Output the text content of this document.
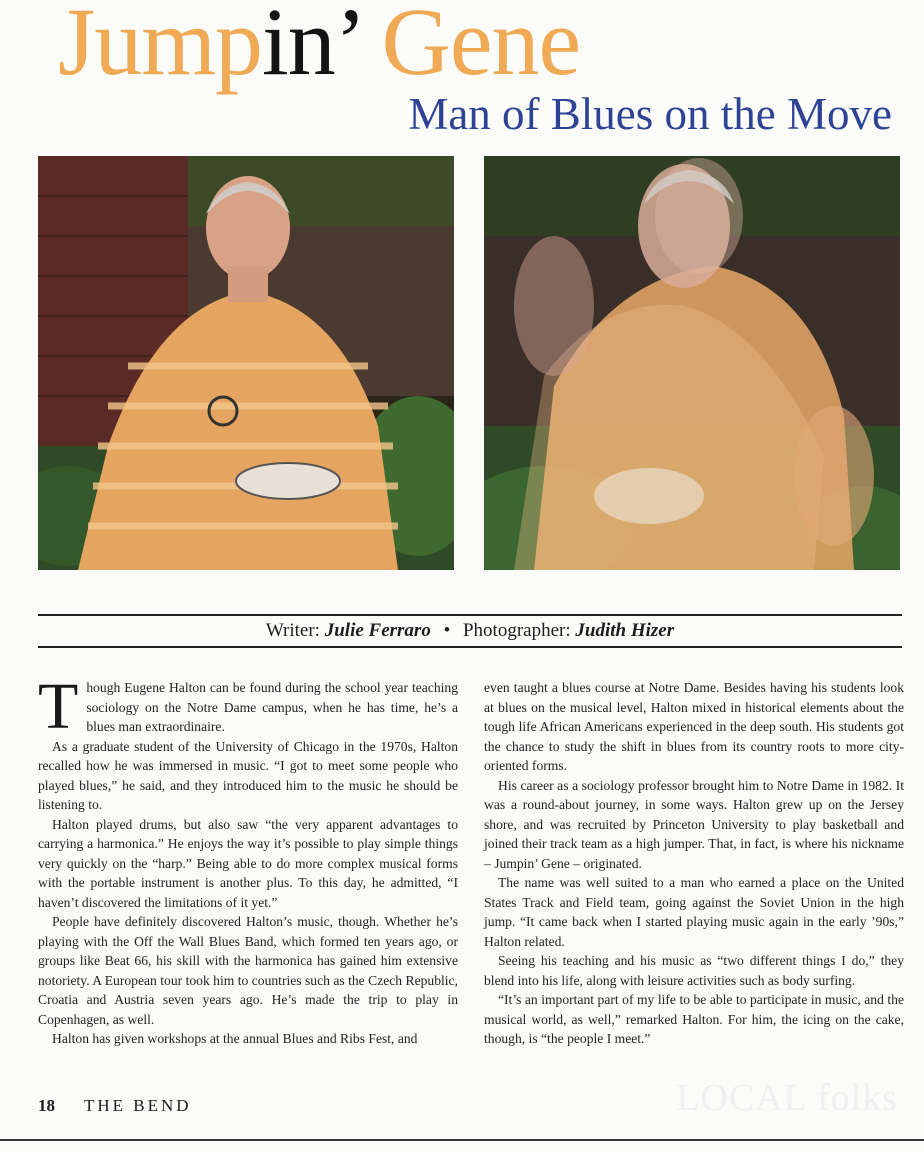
Jumpin’ Gene
Man of Blues on the Move
Writer: Julie Ferraro • Photographer: Judith Hizer

Though Eugene Halton can be found during the school year teaching sociology on the Notre Dame campus, when he has time, he’s a blues man extraordinaire.

As a graduate student of the University of Chicago in the 1970s, Halton recalled how he was immersed in music. “I got to meet some people who played blues,” he said, and they introduced him to the music he should be listening to.

Halton played drums, but also saw “the very apparent advantages to carrying a harmonica.” He enjoys the way it’s possible to play simple things very quickly on the “harp.” Being able to do more complex musical forms with the portable instrument is another plus. To this day, he admitted, “I haven’t discovered the limitations of it yet.”

People have definitely discovered Halton’s music, though. Whether he’s playing with the Off the Wall Blues Band, which formed ten years ago, or groups like Beat 66, his skill with the harmonica has gained him extensive notoriety. A European tour took him to countries such as the Czech Republic, Croatia and Austria seven years ago. He’s made the trip to play in Copenhagen, as well.

Halton has given workshops at the annual Blues and Ribs Fest, and

even taught a blues course at Notre Dame. Besides having his students look at blues on the musical level, Halton mixed in historical elements about the tough life African Americans experienced in the deep south. His students got the chance to study the shift in blues from its country roots to more city-oriented forms.

His career as a sociology professor brought him to Notre Dame in 1982. It was a round-about journey, in some ways. Halton grew up on the Jersey shore, and was recruited by Princeton University to play basketball and joined their track team as a high jumper. That, in fact, is where his nickname – Jumpin’ Gene – originated.

The name was well suited to a man who earned a place on the United States Track and Field team, going against the Soviet Union in the high jump. “It came back when I started playing music again in the early ’90s,” Halton related.

Seeing his teaching and his music as “two different things I do,” they blend into his life, along with leisure activities such as body surfing.

“It’s an important part of my life to be able to participate in music, and the musical world, as well,” remarked Halton. For him, the icing on the cake, though, is “the people I meet.”

18 THE BEND	LOCAL folks
